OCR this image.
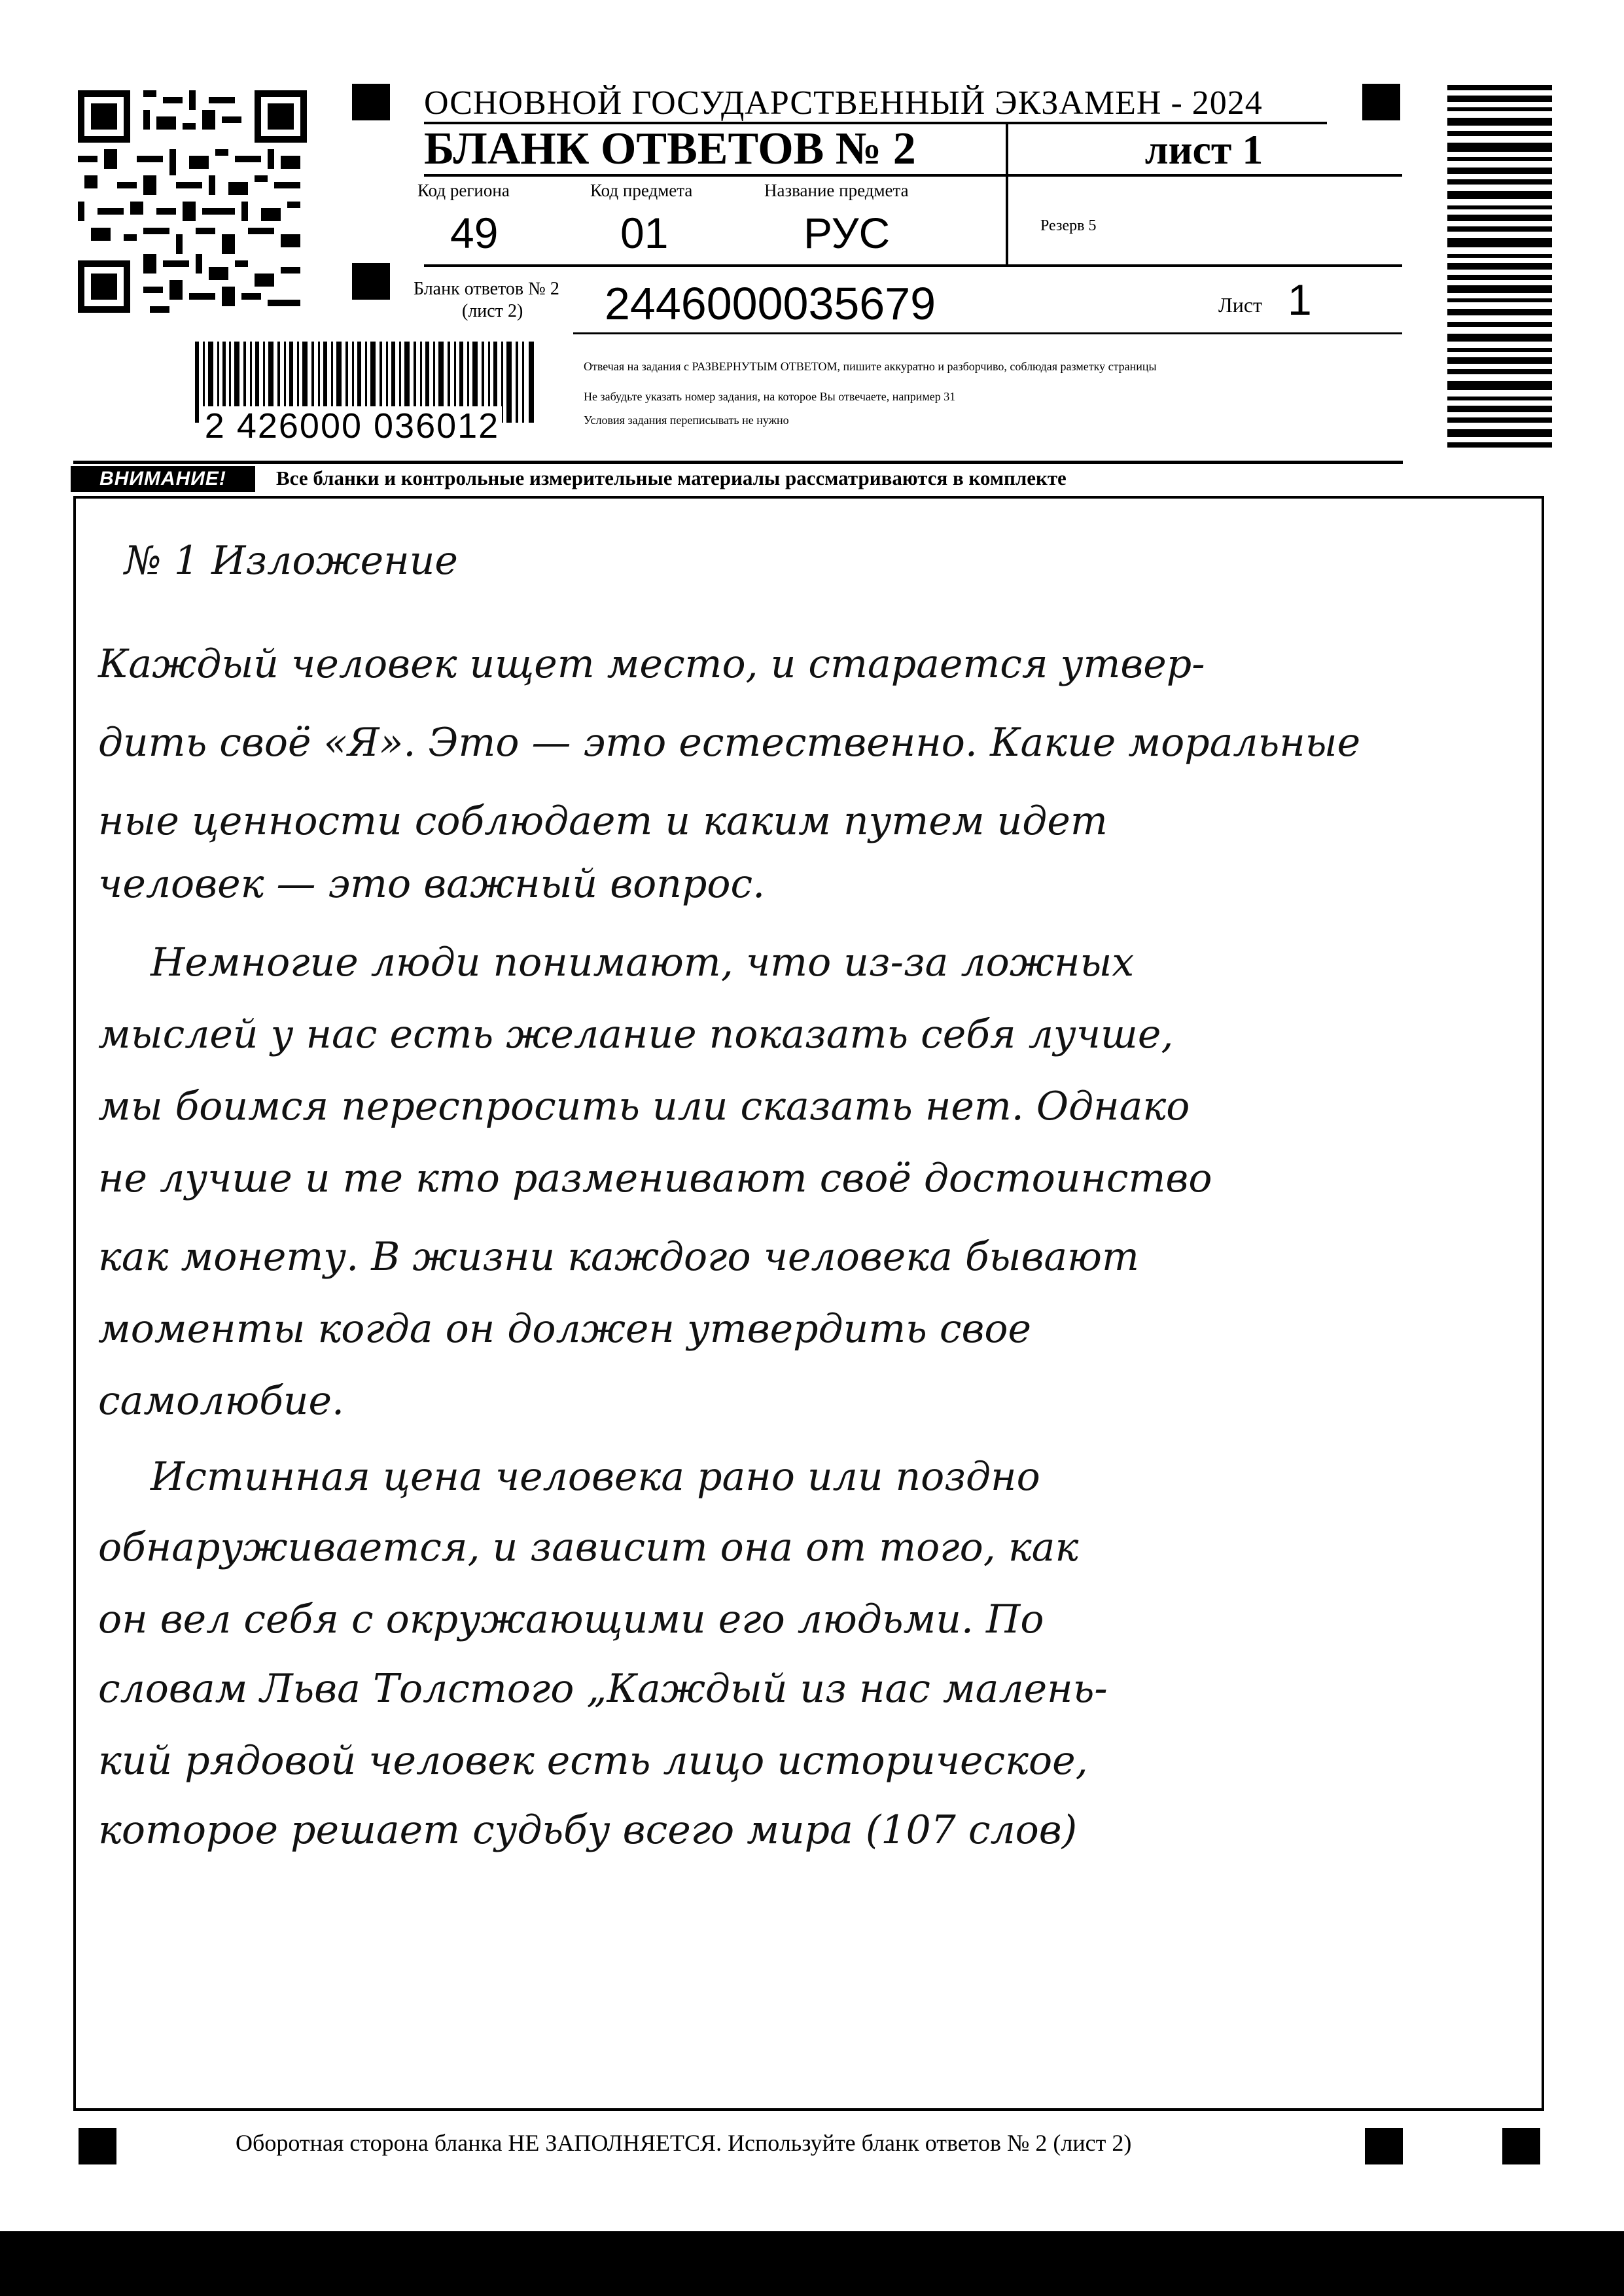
ОСНОВНОЙ ГОСУДАРСТВЕННЫЙ ЭКЗАМЕН - 2024
БЛАНК ОТВЕТОВ № 2	лист 1
Код региона
49
Код предмета
01
Название предмета
РУС	Резерв 5
Бланк ответов № 2
(лист 2) 2446000035679	Лист 1
2 426000 036012
Отвечая на задания с РАЗВЕРНУТЫМ ОТВЕТОМ, пишите аккуратно и разборчиво, соблюдая разметку страницы
Не забудьте указать номер задания, на которое Вы отвечаете, например 31
Условия задания переписывать не нужно
ВНИМАНИЕ!	Все бланки и контрольные измерительные материалы рассматриваются в комплекте
№ 1 Изложение
Каждый человек ищет место, и старается утвер-
дить своё «Я». Это — это естественно. Какие моральные
ные ценности соблюдает и каким путем идет
человек — это важный вопрос.
Немногие люди понимают, что из-за ложных
мыслей у нас есть желание показать себя лучше,
мы боимся переспросить или сказать нет. Однако
не лучше и те кто разменивают своё достоинство
как монету. В жизни каждого человека бывают
моменты когда он должен утвердить свое
самолюбие.
Истинная цена человека рано или поздно
обнаруживается, и зависит она от того, как
он вел себя с окружающими его людьми. По
словам Льва Толстого „Каждый из нас малень-
кий рядовой человек есть лицо историческое,
которое решает судьбу всего мира (107 слов)
Оборотная сторона бланка НЕ ЗАПОЛНЯЕТСЯ. Используйте бланк ответов № 2 (лист 2)
